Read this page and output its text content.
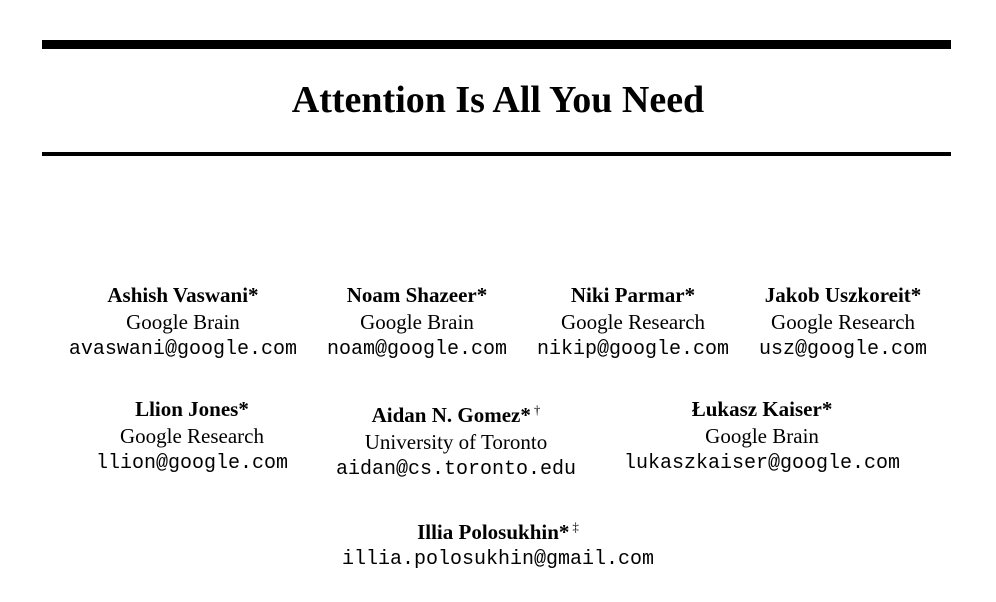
Attention Is All You Need
Ashish Vaswani*
Google Brain
avaswani@google.com
Noam Shazeer*
Google Brain
noam@google.com
Niki Parmar*
Google Research
nikip@google.com
Jakob Uszkoreit*
Google Research
usz@google.com
Llion Jones*
Google Research
llion@google.com
Aidan N. Gomez* †
University of Toronto
aidan@cs.toronto.edu
Łukasz Kaiser*
Google Brain
lukaszkaiser@google.com
Illia Polosukhin* ‡
illia.polosukhin@gmail.com
